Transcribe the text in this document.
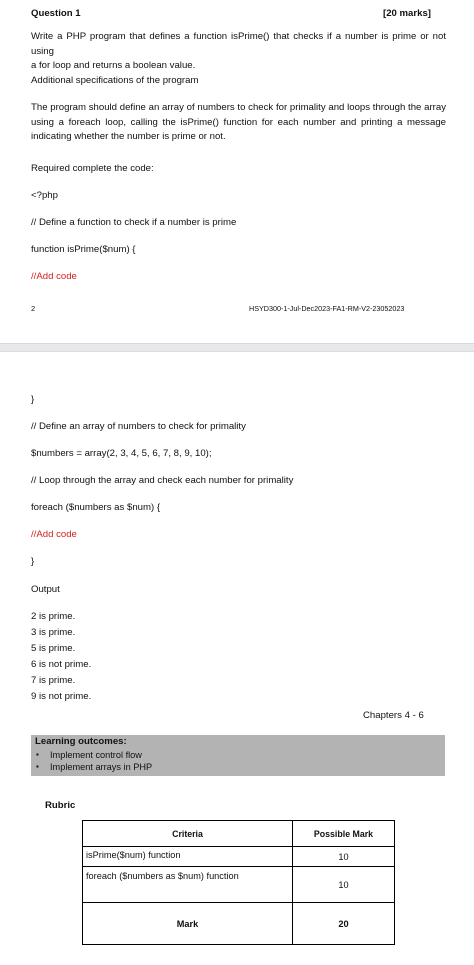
Question 1	[20 marks]
Write a PHP program that defines a function isPrime() that checks if a number is prime or not using
a for loop and returns a boolean value.
Additional specifications of the program
The program should define an array of numbers to check for primality and loops through the array
using a foreach loop, calling the isPrime() function for each number and printing a message
indicating whether the number is prime or not.
Required complete the code:
<?php
// Define a function to check if a number is prime
function isPrime($num) {
//Add code
2	HSYD300-1-Jul-Dec2023-FA1-RM-V2-23052023
}
// Define an array of numbers to check for primality
$numbers = array(2, 3, 4, 5, 6, 7, 8, 9, 10);
// Loop through the array and check each number for primality
foreach ($numbers as $num) {
//Add code
}
Output
2 is prime.
3 is prime.
5 is prime.
6 is not prime.
7 is prime.
9 is not prime.
Chapters 4 - 6
Learning outcomes:
▪ Implement control flow
▪ Implement arrays in PHP
Rubric
Criteria	Possible Mark
isPrime($num) function	10
foreach ($numbers as $num) function	10
Mark	20
